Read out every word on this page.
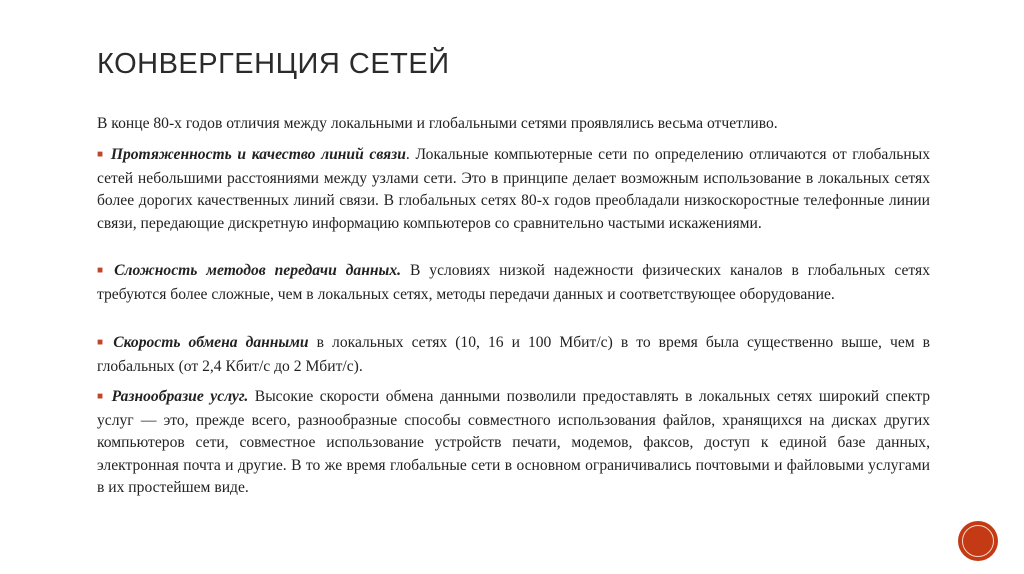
КОНВЕРГЕНЦИЯ СЕТЕЙ
В конце 80-х годов отличия между локальными и глобальными сетями проявлялись весьма отчетливо.
■ Протяженность и качество линий связи. Локальные компьютерные сети по определению отличаются от глобальных сетей небольшими расстояниями между узлами сети. Это в принципе делает возможным использование в локальных сетях более дорогих качественных линий связи. В глобальных сетях 80-х годов преобладали низкоскоростные телефонные линии связи, передающие дискретную информацию компьютеров со сравнительно частыми искажениями.
■ Сложность методов передачи данных. В условиях низкой надежности физических каналов в глобальных сетях требуются более сложные, чем в локальных сетях, методы передачи данных и соответствующее оборудование.
■ Скорость обмена данными в локальных сетях (10, 16 и 100 Мбит/с) в то время была существенно выше, чем в глобальных (от 2,4 Кбит/с до 2 Мбит/с).
■ Разнообразие услуг. Высокие скорости обмена данными позволили предоставлять в локальных сетях широкий спектр услуг — это, прежде всего, разнообразные способы совместного использования файлов, хранящихся на дисках других компьютеров сети, совместное использование устройств печати, модемов, факсов, доступ к единой базе данных, электронная почта и другие. В то же время глобальные сети в основном ограничивались почтовыми и файловыми услугами в их простейшем виде.
